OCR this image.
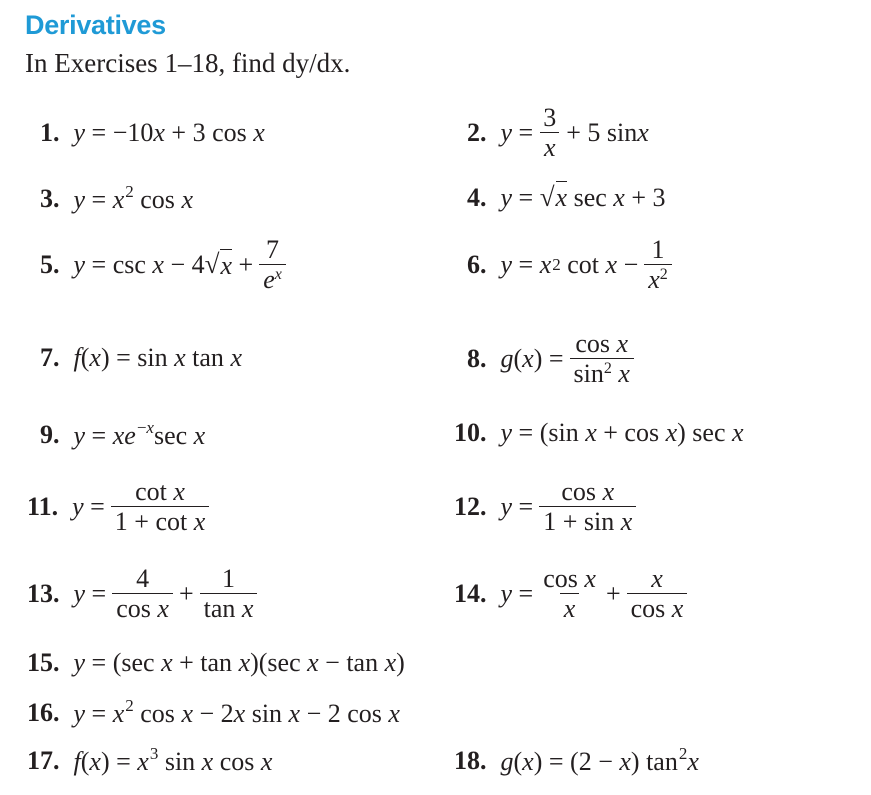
Derivatives
In Exercises 1–18, find dy/dx.
1. y = −10x + 3 cos x	2. $y = \frac{3}{x} + 5$ sin x
3. $y = x^2$ cos x	4. y = √x sec x + 3
5. y = csc x − 4 √ $x + \frac{7}{e^x}$	6. y = x 2 $\cot x - \frac{1}{x^2}$
7. f(x) = sin x tan x	8. g ( x ) = $\frac{\text{cos x}}{\sin^2 x}$
9. $y = xe^{-x}\sec$ x	10. y = (sin x + cos x) sec x
11. $y = \frac{\text{cot x}}{\text{1 + cot x}}$	12. $y = \frac{\text{cos x}}{\text{1 + sin x}}$
13. $y = \frac{4}{\text{cos x}} + \frac{1}{\text{tan x}}$	14. $y = \frac{\text{cos x}}{x} + \frac{x}{\text{cos x}}$
15. y = (sec x + tan x)(sec x − tan x)
16. $y = x^2$ cos x − 2x sin x − 2 cos x
17. $f(x) = x^3$ sin x cos x	18. g(x) = (2 − x) $\tan^2x$
